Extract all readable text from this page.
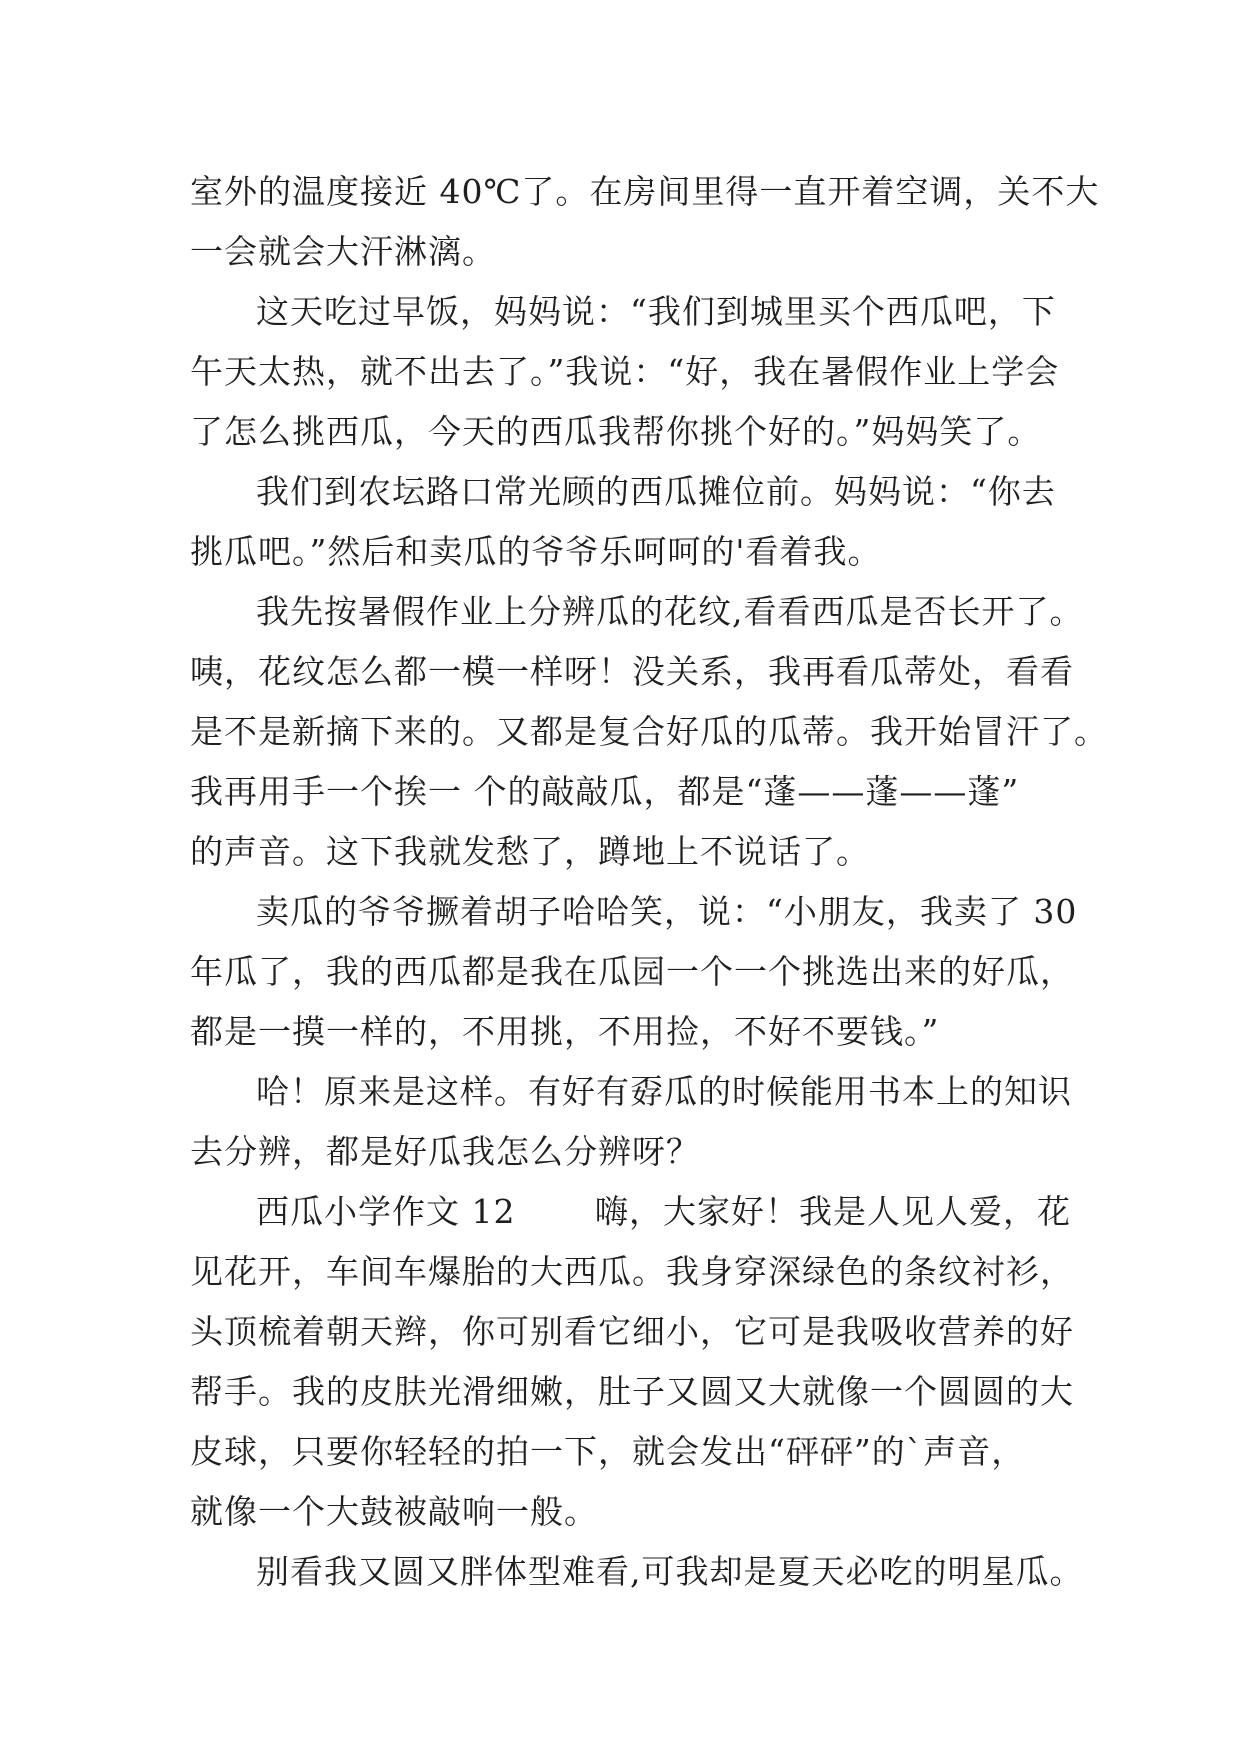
室外的温度接近 40℃了。在房间里得一直开着空调，关不大
一会就会大汗淋漓。
这天吃过早饭，妈妈说：“我们到城里买个西瓜吧，下
午天太热，就不出去了。”我说：“好，我在暑假作业上学会
了怎么挑西瓜，今天的西瓜我帮你挑个好的。”妈妈笑了。
我们到农坛路口常光顾的西瓜摊位前。妈妈说：“你去
挑瓜吧。”然后和卖瓜的爷爷乐呵呵的'看着我。
我先按暑假作业上分辨瓜的花纹,看看西瓜是否长开了。
咦，花纹怎么都一模一样呀！没关系，我再看瓜蒂处，看看
是不是新摘下来的。又都是复合好瓜的瓜蒂。我开始冒汗了。
我再用手一个挨一 个的敲敲瓜，都是“蓬——蓬——蓬”
的声音。这下我就发愁了，蹲地上不说话了。
卖瓜的爷爷撅着胡子哈哈笑，说：“小朋友，我卖了 30
年瓜了，我的西瓜都是我在瓜园一个一个挑选出来的好瓜，
都是一摸一样的，不用挑，不用捡，不好不要钱。”
哈！原来是这样。有好有孬瓜的时候能用书本上的知识
去分辨，都是好瓜我怎么分辨呀？
西瓜小学作文 12　　 嗨，大家好！我是人见人爱，花
见花开，车间车爆胎的大西瓜。我身穿深绿色的条纹衬衫，
头顶梳着朝天辫，你可别看它细小，它可是我吸收营养的好
帮手。我的皮肤光滑细嫩，肚子又圆又大就像一个圆圆的大
皮球，只要你轻轻的拍一下，就会发出“砰砰”的`声音，
就像一个大鼓被敲响一般。
别看我又圆又胖体型难看,可我却是夏天必吃的明星瓜。
